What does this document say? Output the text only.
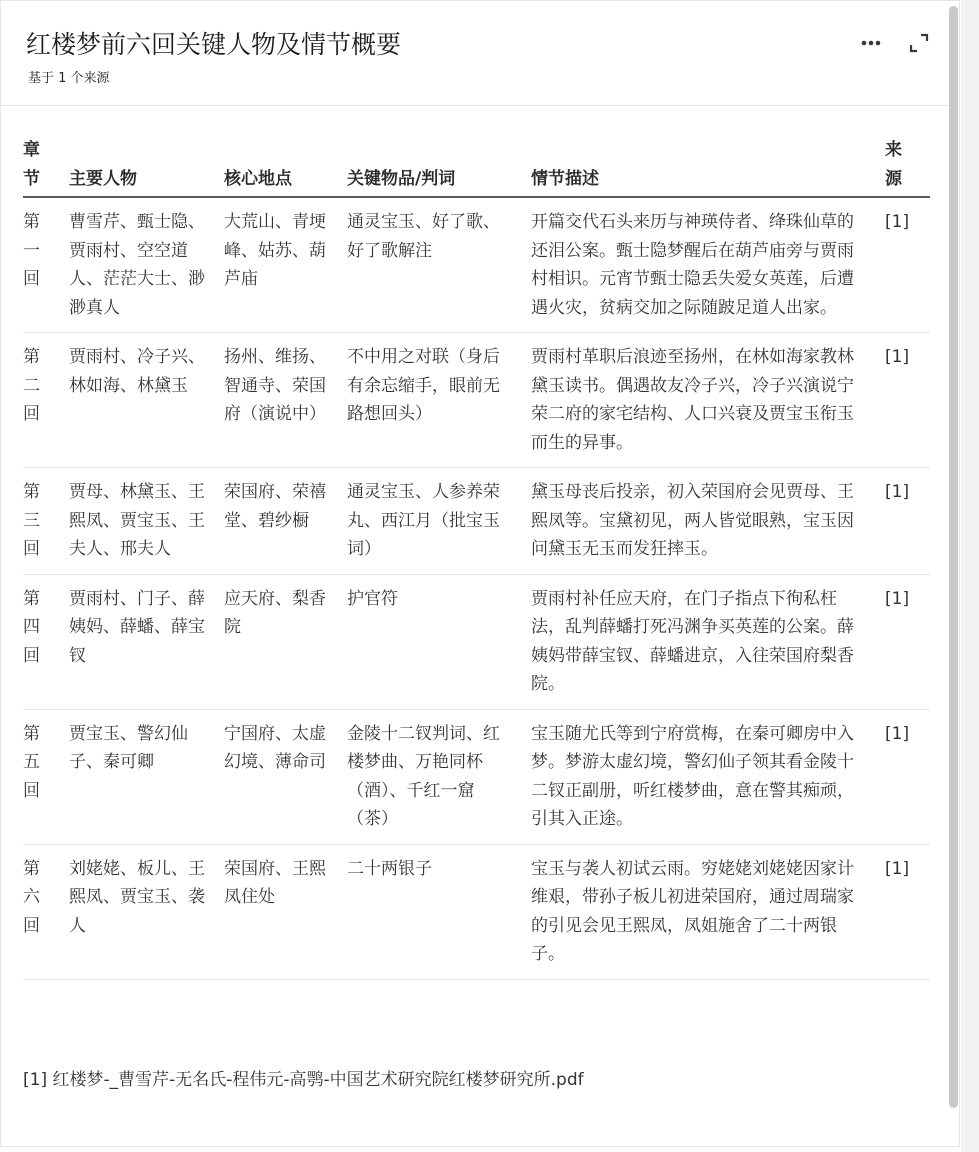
红楼梦前六回关键人物及情节概要
基于 1 个来源
章节	主要人物	核心地点	关键物品/判词	情节描述	来源
第一回	曹雪芹、甄士隐、贾雨村、空空道人、茫茫大士、渺渺真人	大荒山、青埂峰、姑苏、葫芦庙	通灵宝玉、好了歌、好了歌解注	开篇交代石头来历与神瑛侍者、绛珠仙草的还泪公案。甄士隐梦醒后在葫芦庙旁与贾雨村相识。元宵节甄士隐丢失爱女英莲，后遭遇火灾，贫病交加之际随跛足道人出家。	[1]
第二回	贾雨村、冷子兴、林如海、林黛玉	扬州、维扬、智通寺、荣国府（演说中）	不中用之对联（身后有余忘缩手，眼前无路想回头）	贾雨村革职后浪迹至扬州，在林如海家教林黛玉读书。偶遇故友冷子兴，冷子兴演说宁荣二府的家宅结构、人口兴衰及贾宝玉衔玉而生的异事。	[1]
第三回	贾母、林黛玉、王熙凤、贾宝玉、王夫人、邢夫人	荣国府、荣禧堂、碧纱橱	通灵宝玉、人参养荣丸、西江月（批宝玉词）	黛玉母丧后投亲，初入荣国府会见贾母、王熙凤等。宝黛初见，两人皆觉眼熟，宝玉因问黛玉无玉而发狂摔玉。	[1]
第四回	贾雨村、门子、薛姨妈、薛蟠、薛宝钗	应天府、梨香院	护官符	贾雨村补任应天府，在门子指点下徇私枉法，乱判薛蟠打死冯渊争买英莲的公案。薛姨妈带薛宝钗、薛蟠进京，入往荣国府梨香院。	[1]
第五回	贾宝玉、警幻仙子、秦可卿	宁国府、太虚幻境、薄命司	金陵十二钗判词、红楼梦曲、万艳同杯（酒）、千红一窟（茶）	宝玉随尤氏等到宁府赏梅，在秦可卿房中入梦。梦游太虚幻境，警幻仙子领其看金陵十二钗正副册，听红楼梦曲，意在警其痴顽，引其入正途。	[1]
第六回	刘姥姥、板儿、王熙凤、贾宝玉、袭人	荣国府、王熙凤住处	二十两银子	宝玉与袭人初试云雨。穷姥姥刘姥姥因家计维艰，带孙子板儿初进荣国府，通过周瑞家的引见会见王熙凤，凤姐施舍了二十两银子。	[1]
[1] 红楼梦-_曹雪芹-无名氏-程伟元-高鹗-中国艺术研究院红楼梦研究所.pdf
